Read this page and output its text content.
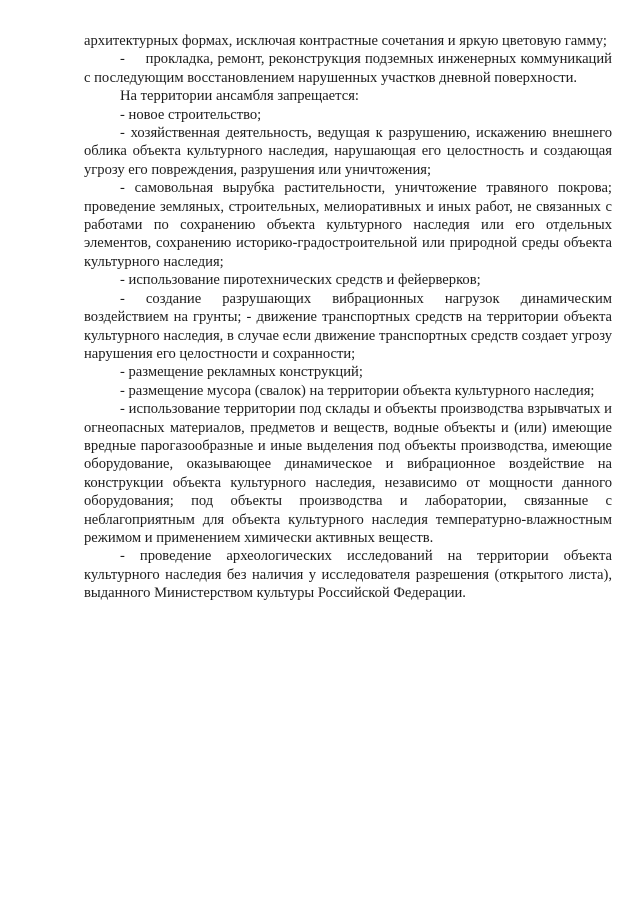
архитектурных формах, исключая контрастные сочетания и яркую цветовую гамму;

-     прокладка, ремонт, реконструкция подземных инженерных коммуникаций с последующим восстановлением нарушенных участков дневной поверхности.

На территории ансамбля запрещается:

- новое строительство;

- хозяйственная деятельность, ведущая к разрушению, искажению внешнего облика объекта культурного наследия, нарушающая его целостность и создающая угрозу его повреждения, разрушения или уничтожения;

- самовольная вырубка растительности, уничтожение травяного покрова; проведение земляных, строительных, мелиоративных и иных работ, не связанных с работами по сохранению объекта культурного наследия или его отдельных элементов, сохранению историко-градостроительной или природной среды объекта культурного наследия;

- использование пиротехнических средств и фейерверков;

- создание разрушающих вибрационных нагрузок динамическим воздействием на грунты; - движение транспортных средств на территории объекта культурного наследия, в случае если движение транспортных средств создает угрозу нарушения его целостности и сохранности;

- размещение рекламных конструкций;

- размещение мусора (свалок) на территории объекта культурного наследия;

- использование территории под склады и объекты производства взрывчатых и огнеопасных материалов, предметов и веществ, водные объекты и (или) имеющие вредные парогазообразные и иные выделения под объекты производства, имеющие оборудование, оказывающее динамическое и вибрационное воздействие на конструкции объекта культурного наследия, независимо от мощности данного оборудования; под объекты производства и лаборатории, связанные с неблагоприятным для объекта культурного наследия температурно-влажностным режимом и применением химически активных веществ.

- проведение археологических исследований на территории объекта культурного наследия без наличия у исследователя разрешения (открытого листа), выданного Министерством культуры Российской Федерации.
